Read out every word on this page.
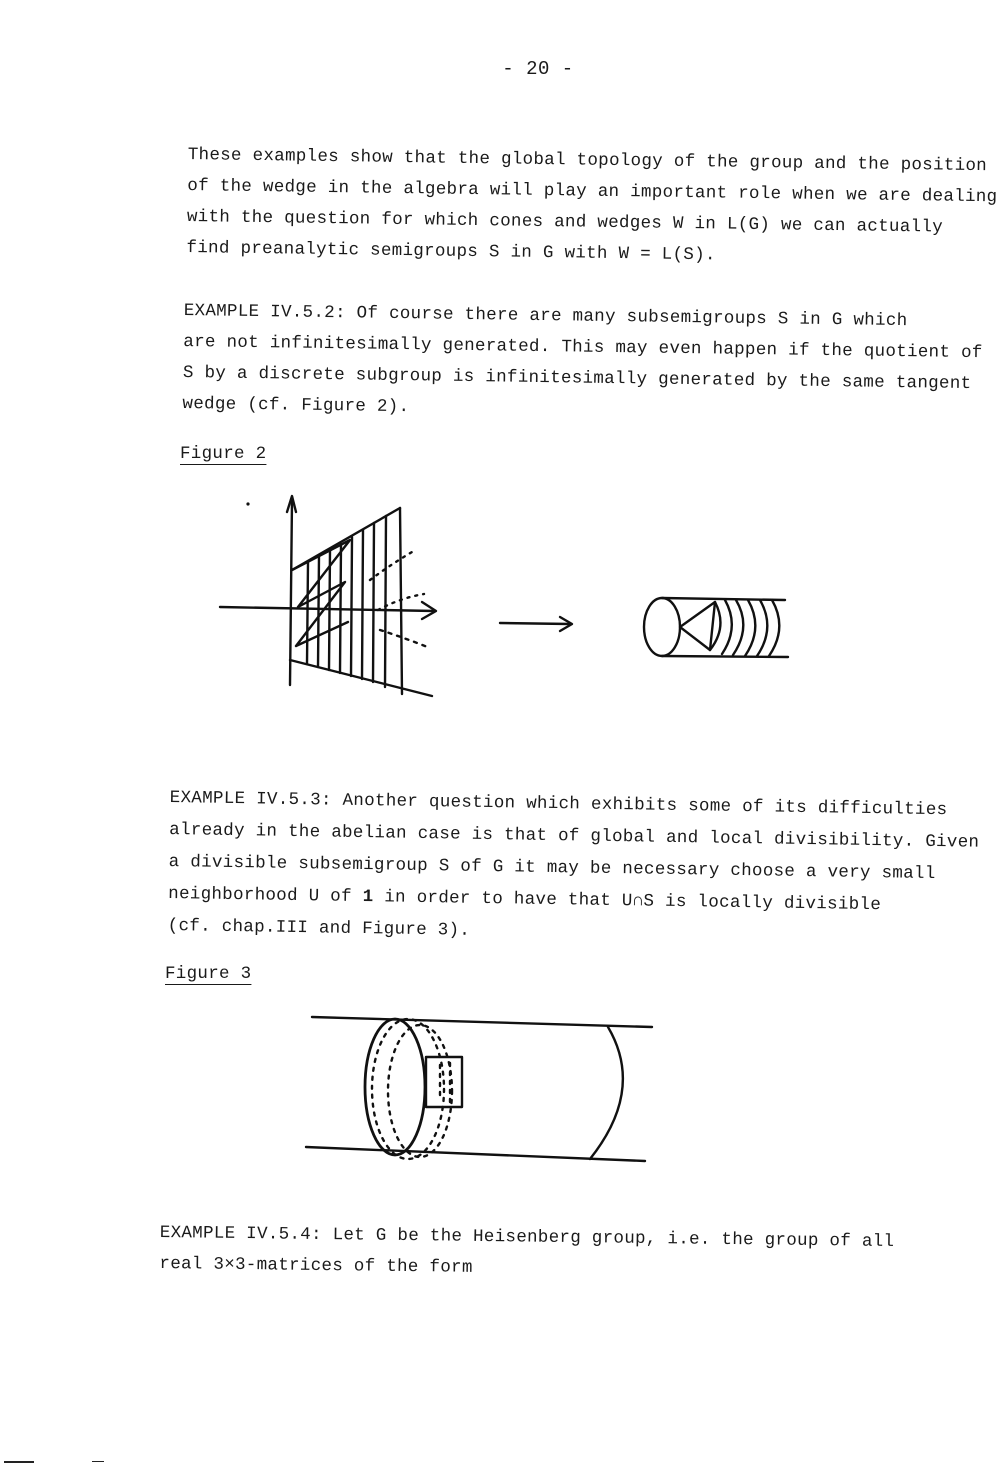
- 20 -

These examples show that the global topology of the group and the position
of the wedge in the algebra will play an important role when we are dealing
with the question for which cones and wedges W in L(G) we can actually
find preanalytic semigroups S in G with W = L(S).

EXAMPLE IV.5.2: Of course there are many subsemigroups S in G which
are not infinitesimally generated. This may even happen if the quotient of
S by a discrete subgroup is infinitesimally generated by the same tangent
wedge (cf. Figure 2).

Figure 2

EXAMPLE IV.5.3: Another question which exhibits some of its difficulties
already in the abelian case is that of global and local divisibility. Given
a divisible subsemigroup S of G it may be necessary choose a very small
neighborhood U of 1 in order to have that U∩S is locally divisible
(cf. chap.III and Figure 3).

Figure 3

EXAMPLE IV.5.4: Let G be the Heisenberg group, i.e. the group of all
real 3×3-matrices of the form
